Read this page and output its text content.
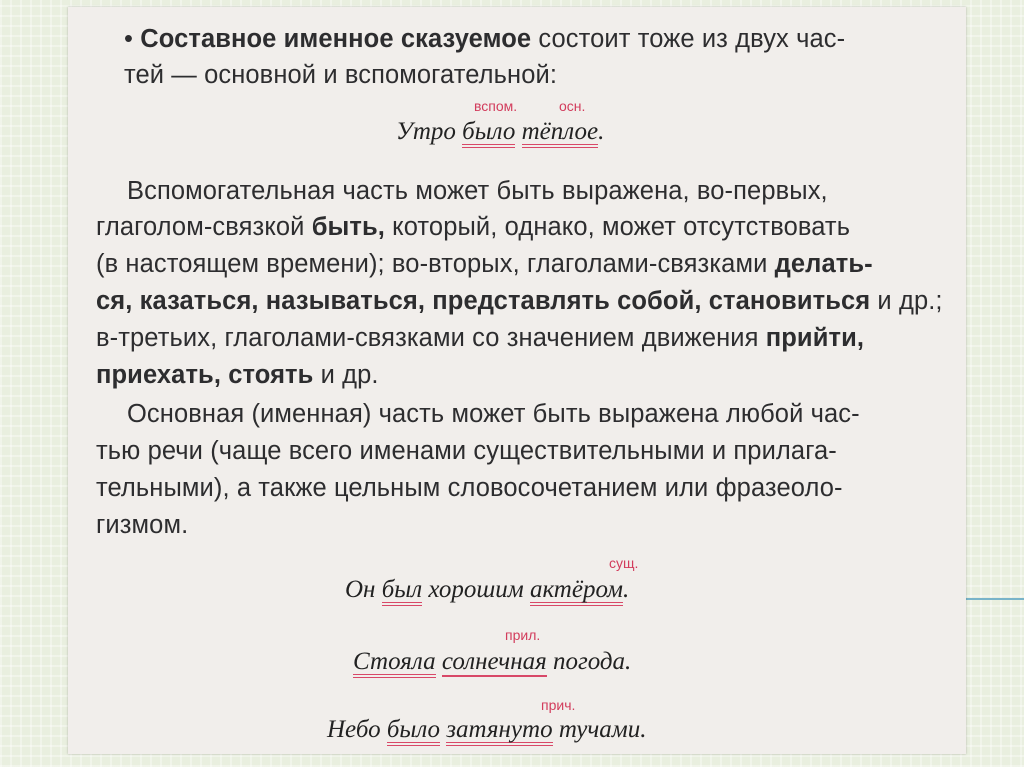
• Составное именное сказуемое состоит тоже из двух час-
тей — основной и вспомогательной:
вспом.	осн.
Утро было тёплое.
Вспомогательная часть может быть выражена, во-первых,
глаголом-связкой быть, который, однако, может отсутствовать
(в настоящем времени); во-вторых, глаголами-связками делать-
ся, казаться, называться, представлять собой, становиться и др.;
в-третьих, глаголами-связками со значением движения прийти,
приехать, стоять и др.
Основная (именная) часть может быть выражена любой час-
тью речи (чаще всего именами существительными и прилага-
тельными), а также цельным словосочетанием или фразеоло-
гизмом.
сущ.
Он был хорошим актёром.
прил.
Стояла солнечная погода.
прич.
Небо было затянуто тучами.
